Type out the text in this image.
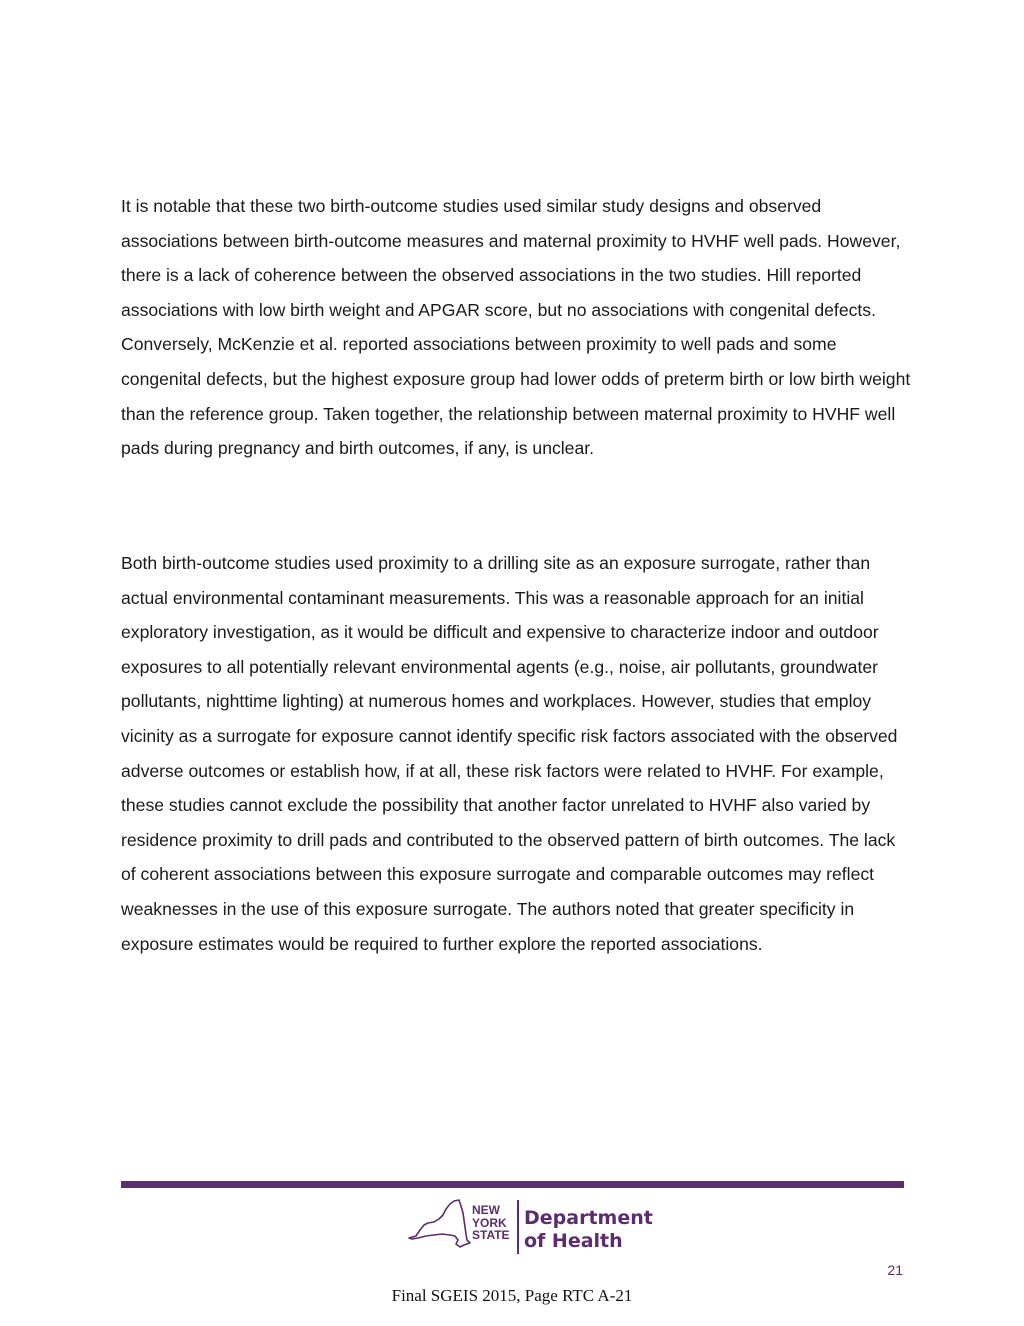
It is notable that these two birth-outcome studies used similar study designs and observed associations between birth-outcome measures and maternal proximity to HVHF well pads. However, there is a lack of coherence between the observed associations in the two studies. Hill reported associations with low birth weight and APGAR score, but no associations with congenital defects. Conversely, McKenzie et al. reported associations between proximity to well pads and some congenital defects, but the highest exposure group had lower odds of preterm birth or low birth weight than the reference group. Taken together, the relationship between maternal proximity to HVHF well pads during pregnancy and birth outcomes, if any, is unclear.

Both birth-outcome studies used proximity to a drilling site as an exposure surrogate, rather than actual environmental contaminant measurements. This was a reasonable approach for an initial exploratory investigation, as it would be difficult and expensive to characterize indoor and outdoor exposures to all potentially relevant environmental agents (e.g., noise, air pollutants, groundwater pollutants, nighttime lighting) at numerous homes and workplaces. However, studies that employ vicinity as a surrogate for exposure cannot identify specific risk factors associated with the observed adverse outcomes or establish how, if at all, these risk factors were related to HVHF. For example, these studies cannot exclude the possibility that another factor unrelated to HVHF also varied by residence proximity to drill pads and contributed to the observed pattern of birth outcomes. The lack of coherent associations between this exposure surrogate and comparable outcomes may reflect weaknesses in the use of this exposure surrogate. The authors noted that greater specificity in exposure estimates would be required to further explore the reported associations.

NEW
YORK
STATE
Department
of Health
21
Final SGEIS 2015, Page RTC A-21
